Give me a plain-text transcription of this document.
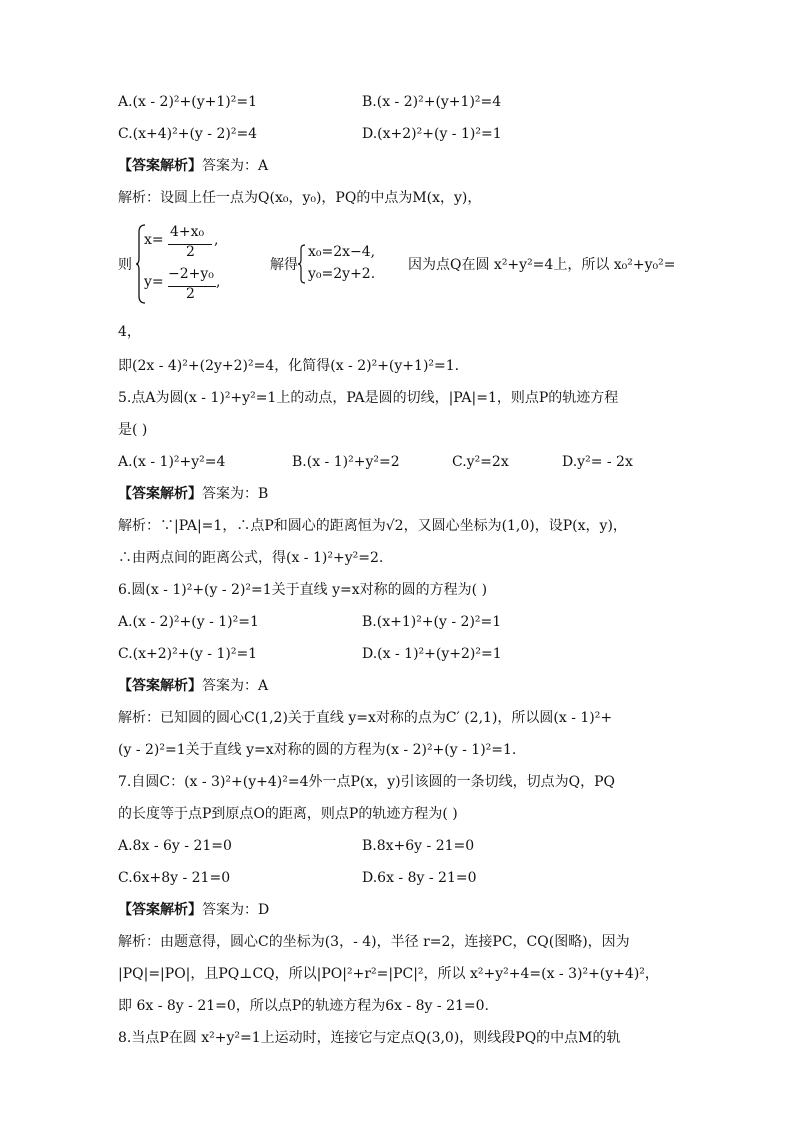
A.(x - 2)²+(y+1)²=1	B.(x - 2)²+(y+1)²=4
C.(x+4)²+(y - 2)²=4	D.(x+2)²+(y - 1)²=1
【答案解析】答案为：A
解析：设圆上任一点为Q(x₀，y₀)，PQ的中点为M(x，y)，
则
x= 4+x₀
2
,
y= −2+y₀
2
,
解得
x₀=2x−4,
y₀=2y+2.
因为点Q在圆 x²+y²=4上，所以 x₀²+y₀²=
4，
即(2x - 4)²+(2y+2)²=4，化简得(x - 2)²+(y+1)²=1.
5.点A为圆(x - 1)²+y²=1上的动点，PA是圆的切线，|PA|=1，则点P的轨迹方程
是( )
A.(x - 1)²+y²=4	B.(x - 1)²+y²=2	C.y²=2x	D.y²= - 2x
【答案解析】答案为：B
解析：∵|PA|=1，∴点P和圆心的距离恒为√2，又圆心坐标为(1,0)，设P(x，y)，
∴由两点间的距离公式，得(x - 1)²+y²=2.
6.圆(x - 1)²+(y - 2)²=1关于直线 y=x对称的圆的方程为( )
A.(x - 2)²+(y - 1)²=1	B.(x+1)²+(y - 2)²=1
C.(x+2)²+(y - 1)²=1	D.(x - 1)²+(y+2)²=1
【答案解析】答案为：A
解析：已知圆的圆心C(1,2)关于直线 y=x对称的点为C′ (2,1)，所以圆(x - 1)²+
(y - 2)²=1关于直线 y=x对称的圆的方程为(x - 2)²+(y - 1)²=1.
7.自圆C：(x - 3)²+(y+4)²=4外一点P(x，y)引该圆的一条切线，切点为Q，PQ
的长度等于点P到原点O的距离，则点P的轨迹方程为( )
A.8x - 6y - 21=0	B.8x+6y - 21=0
C.6x+8y - 21=0	D.6x - 8y - 21=0
【答案解析】答案为：D
解析：由题意得，圆心C的坐标为(3，- 4)，半径 r=2，连接PC，CQ(图略)，因为
|PQ|=|PO|，且PQ⊥CQ，所以|PO|²+r²=|PC|²，所以 x²+y²+4=(x - 3)²+(y+4)²，
即 6x - 8y - 21=0，所以点P的轨迹方程为6x - 8y - 21=0.
8.当点P在圆 x²+y²=1上运动时，连接它与定点Q(3,0)，则线段PQ的中点M的轨
